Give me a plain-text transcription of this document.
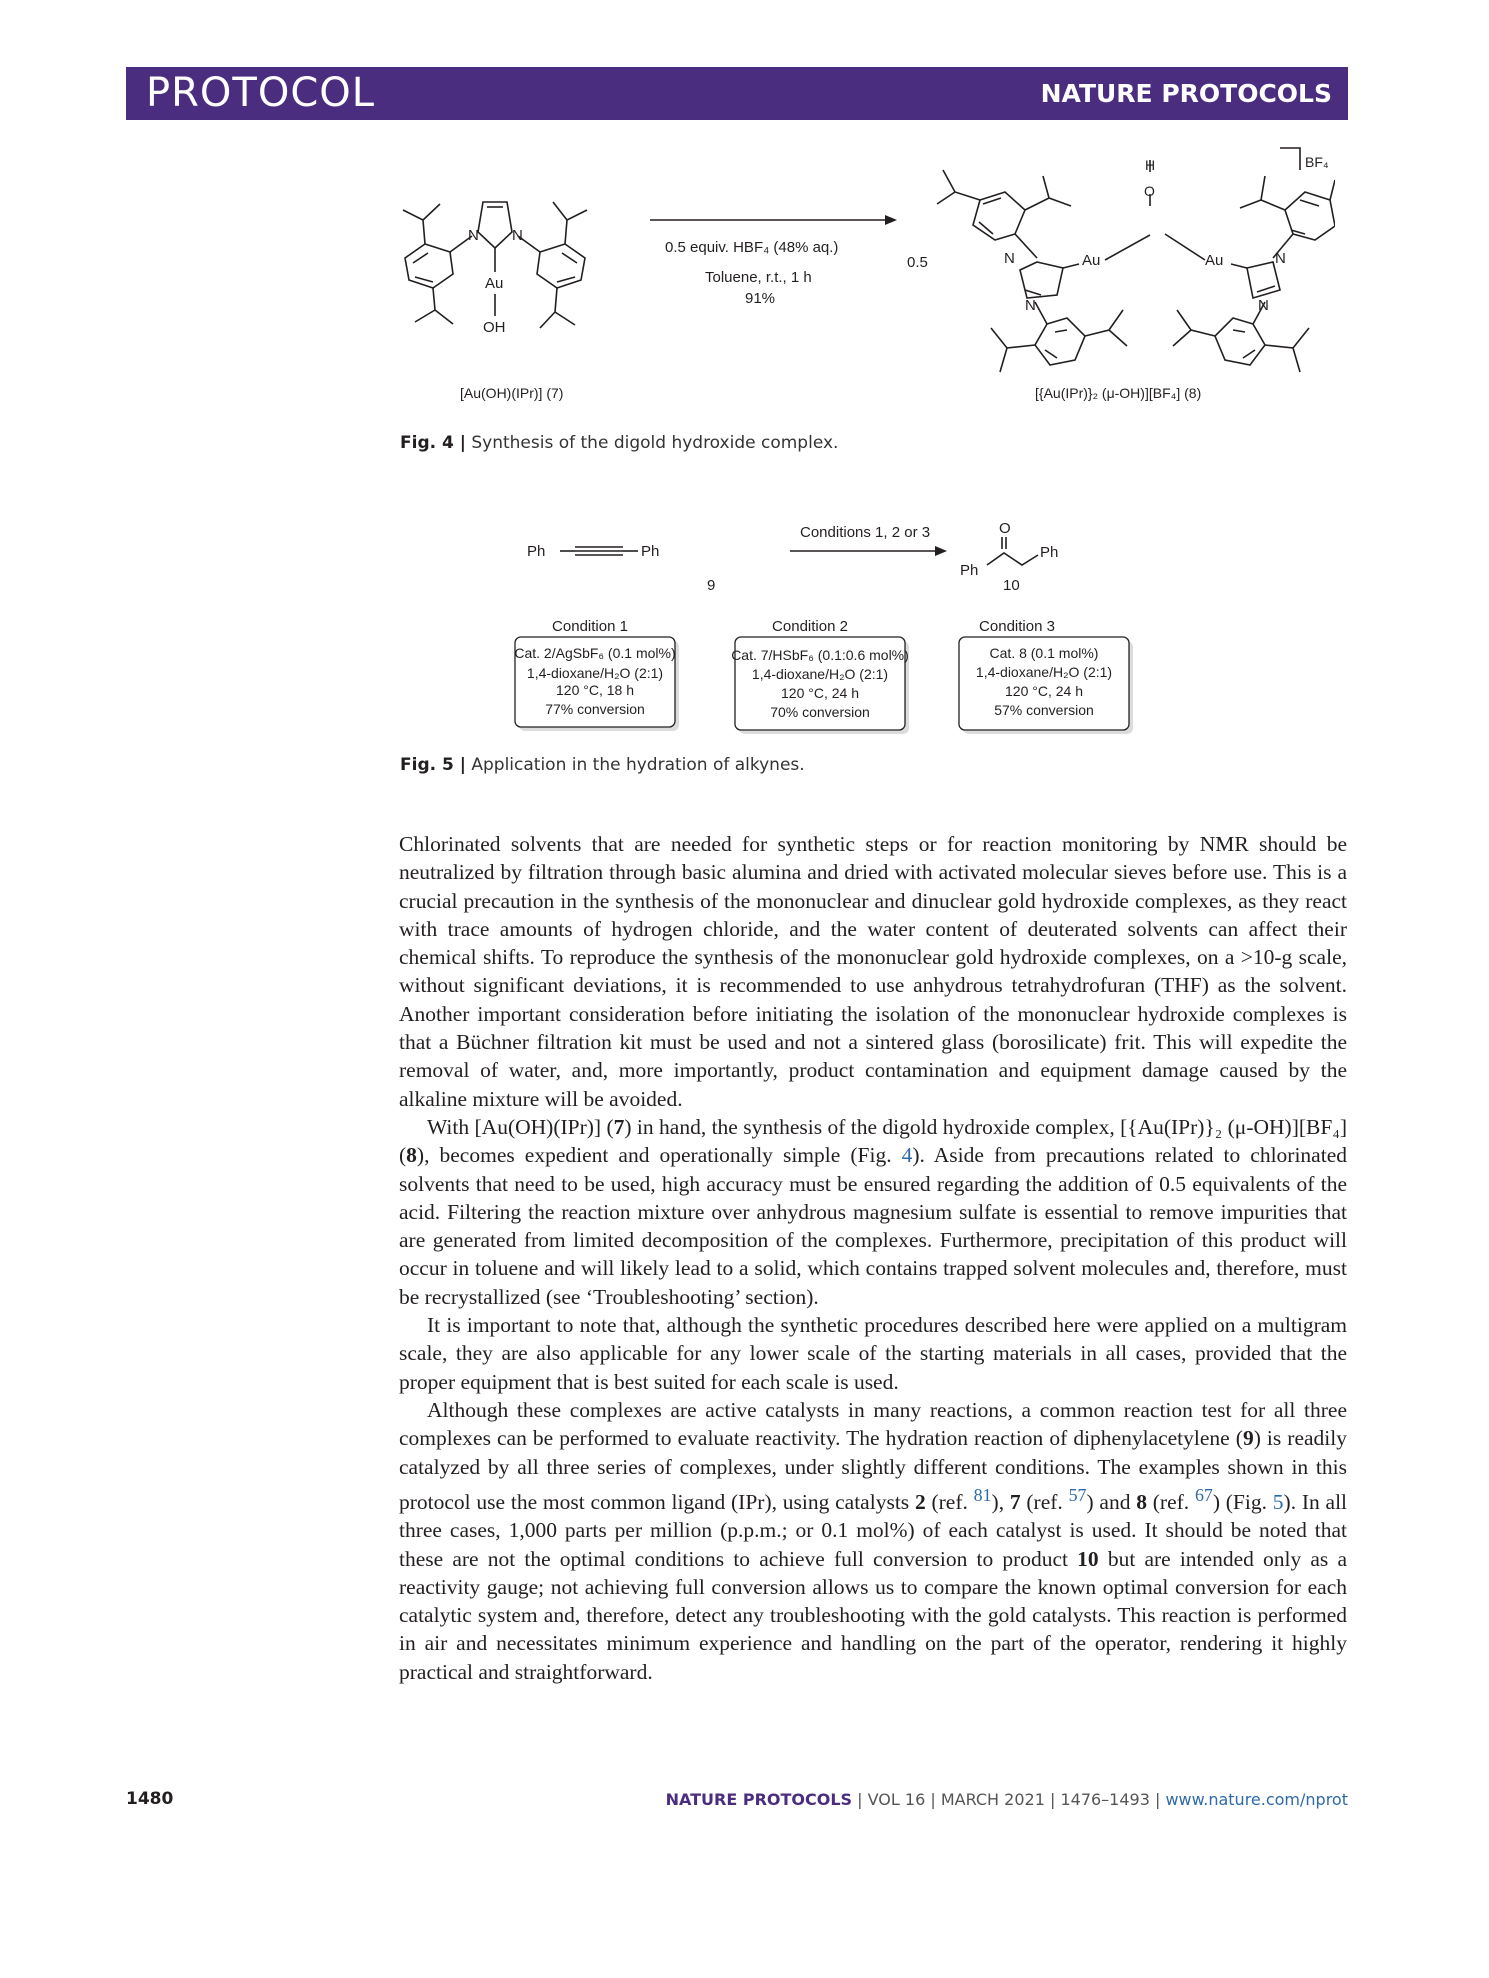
PROTOCOL	NATURE PROTOCOLS
N N
Au
OH
0.5 equiv. HBF₄ (48% aq.)
Toluene, r.t., 1 h
91%
0.5
H
O
Au	Au
N
N
N
N
BF₄
[Au(OH)(IPr)] (7)	[{Au(IPr)}₂ (μ-OH)][BF₄] (8)
Fig. 4 | Synthesis of the digold hydroxide complex.
Ph	Ph
9
Conditions 1, 2 or 3	O
Ph
Ph
10
Condition 1	Condition 2	Condition 3
Cat. 2/AgSbF₆ (0.1 mol%)
1,4-dioxane/H₂O (2:1)
120 °C, 18 h
77% conversion
Cat. 7/HSbF₆ (0.1:0.6 mol%)
1,4-dioxane/H₂O (2:1)
120 °C, 24 h
70% conversion
Cat. 8 (0.1 mol%)
1,4-dioxane/H₂O (2:1)
120 °C, 24 h
57% conversion
Fig. 5 | Application in the hydration of alkynes.

Chlorinated solvents that are needed for synthetic steps or for reaction monitoring by NMR should be neutralized by filtration through basic alumina and dried with activated molecular sieves before use. This is a crucial precaution in the synthesis of the mononuclear and dinuclear gold hydroxide complexes, as they react with trace amounts of hydrogen chloride, and the water content of deuterated solvents can affect their chemical shifts. To reproduce the synthesis of the mononuclear gold hydroxide complexes, on a >10-g scale, without significant deviations, it is recommended to use anhydrous tetrahydrofuran (THF) as the solvent. Another important consideration before initiating the isolation of the mononuclear hydroxide complexes is that a Büchner filtration kit must be used and not a sintered glass (borosilicate) frit. This will expedite the removal of water, and, more importantly, product contamination and equipment damage caused by the alkaline mixture will be avoided.

With [Au(OH)(IPr)] (7) in hand, the synthesis of the digold hydroxide complex, [{Au(IPr)}₂ (μ-OH)][BF₄] (8), becomes expedient and operationally simple (Fig. 4). Aside from precautions related to chlorinated solvents that need to be used, high accuracy must be ensured regarding the addition of 0.5 equivalents of the acid. Filtering the reaction mixture over anhydrous magnesium sulfate is essential to remove impurities that are generated from limited decomposition of the complexes. Furthermore, precipitation of this product will occur in toluene and will likely lead to a solid, which contains trapped solvent molecules and, therefore, must be recrystallized (see ‘Troubleshooting’ section).

It is important to note that, although the synthetic procedures described here were applied on a multigram scale, they are also applicable for any lower scale of the starting materials in all cases, provided that the proper equipment that is best suited for each scale is used.

Although these complexes are active catalysts in many reactions, a common reaction test for all three complexes can be performed to evaluate reactivity. The hydration reaction of diphenylacetylene (9) is readily catalyzed by all three series of complexes, under slightly different conditions. The examples shown in this protocol use the most common ligand (IPr), using catalysts 2 (ref. $^{81}$), 7 (ref. $^{57}$) and 8 (ref. $^{67}$) (Fig. 5). In all three cases, 1,000 parts per million (p.p.m.; or 0.1 mol%) of each catalyst is used. It should be noted that these are not the optimal conditions to achieve full conversion to product 10 but are intended only as a reactivity gauge; not achieving full conversion allows us to compare the known optimal conversion for each catalytic system and, therefore, detect any troubleshooting with the gold catalysts. This reaction is performed in air and necessitates minimum experience and handling on the part of the operator, rendering it highly practical and straightforward.

1480	NATURE PROTOCOLS | VOL 16 | MARCH 2021 | 1476–1493 | www.nature.com/nprot
